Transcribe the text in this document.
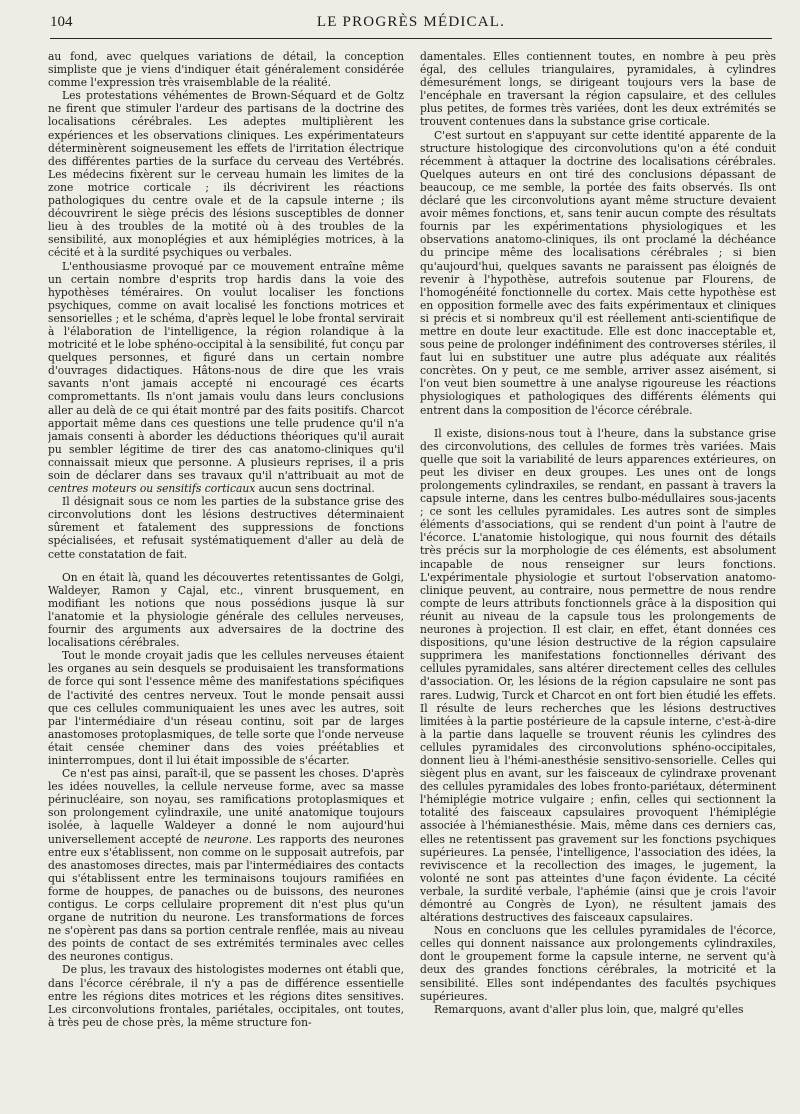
104	LE PROGRÈS MÉDICAL.

au fond, avec quelques variations de détail, la conception simpliste que je viens d'indiquer était généralement considérée comme l'expression très vraisemblable de la réalité.

Les protestations véhémentes de Brown-Séquard et de Goltz ne firent que stimuler l'ardeur des partisans de la doctrine des localisations cérébrales. Les adeptes multiplièrent les expériences et les observations cliniques. Les expérimentateurs déterminèrent soigneusement les effets de l'irritation électrique des différentes parties de la surface du cerveau des Vertébrés. Les médecins fixèrent sur le cerveau humain les limites de la zone motrice corticale ; ils décrivirent les réactions pathologiques du centre ovale et de la capsule interne ; ils découvrirent le siège précis des lésions susceptibles de donner lieu à des troubles de la motité où à des troubles de la sensibilité, aux monoplégies et aux hémiplégies motrices, à la cécité et à la surdité psychiques ou verbales.

L'enthousiasme provoqué par ce mouvement entraîne même un certain nombre d'esprits trop hardis dans la voie des hypothèses téméraires. On voulut localiser les fonctions psychiques, comme on avait localisé les fonctions motrices et sensorielles ; et le schéma, d'après lequel le lobe frontal servirait à l'élaboration de l'intelligence, la région rolandique à la motricité et le lobe sphéno-occipital à la sensibilité, fut conçu par quelques personnes, et figuré dans un certain nombre d'ouvrages didactiques. Hâtons-nous de dire que les vrais savants n'ont jamais accepté ni encouragé ces écarts compromettants. Ils n'ont jamais voulu dans leurs conclusions aller au delà de ce qui était montré par des faits positifs. Charcot apportait même dans ces questions une telle prudence qu'il n'a jamais consenti à aborder les déductions théoriques qu'il aurait pu sembler légitime de tirer des cas anatomo-cliniques qu'il connaissait mieux que personne. A plusieurs reprises, il a pris soin de déclarer dans ses travaux qu'il n'attribuait au mot de centres moteurs ou sensitifs corticaux aucun sens doctrinal.

Il désignait sous ce nom les parties de la substance grise des circonvolutions dont les lésions destructives déterminaient sûrement et fatalement des suppressions de fonctions spécialisées, et refusait systématiquement d'aller au delà de cette constatation de fait.

On en était là, quand les découvertes retentissantes de Golgi, Waldeyer, Ramon y Cajal, etc., vinrent brusquement, en modifiant les notions que nous possédions jusque là sur l'anatomie et la physiologie générale des cellules nerveuses, fournir des arguments aux adversaires de la doctrine des localisations cérébrales.

Tout le monde croyait jadis que les cellules nerveuses étaient les organes au sein desquels se produisaient les transformations de force qui sont l'essence même des manifestations spécifiques de l'activité des centres nerveux. Tout le monde pensait aussi que ces cellules communiquaient les unes avec les autres, soit par l'intermédiaire d'un réseau continu, soit par de larges anastomoses protoplasmiques, de telle sorte que l'onde nerveuse était censée cheminer dans des voies préétablies et ininterrompues, dont il lui était impossible de s'écarter.

Ce n'est pas ainsi, paraît-il, que se passent les choses. D'après les idées nouvelles, la cellule nerveuse forme, avec sa masse périnucléaire, son noyau, ses ramifications protoplasmiques et son prolongement cylindraxile, une unité anatomique toujours isolée, à laquelle Waldeyer a donné le nom aujourd'hui universellement accepté de neurone. Les rapports des neurones entre eux s'établissent, non comme on le supposait autrefois, par des anastomoses directes, mais par l'intermédiaires des contacts qui s'établissent entre les terminaisons toujours ramifiées en forme de houppes, de panaches ou de buissons, des neurones contigus. Le corps cellulaire proprement dit n'est plus qu'un organe de nutrition du neurone. Les transformations de forces ne s'opèrent pas dans sa portion centrale renflée, mais au niveau des points de contact de ses extrémités terminales avec celles des neurones contigus.

De plus, les travaux des histologistes modernes ont établi que, dans l'écorce cérébrale, il n'y a pas de différence essentielle entre les régions dites motrices et les régions dites sensitives. Les circonvolutions frontales, pariétales, occipitales, ont toutes, à très peu de chose près, la même structure fon-

damentales. Elles contiennent toutes, en nombre à peu près égal, des cellules triangulaires, pyramidales, à cylindres démesurément longs, se dirigeant toujours vers la base de l'encéphale en traversant la région capsulaire, et des cellules plus petites, de formes très variées, dont les deux extrémités se trouvent contenues dans la substance grise corticale.

C'est surtout en s'appuyant sur cette identité apparente de la structure histologique des circonvolutions qu'on a été conduit récemment à attaquer la doctrine des localisations cérébrales. Quelques auteurs en ont tiré des conclusions dépassant de beaucoup, ce me semble, la portée des faits observés. Ils ont déclaré que les circonvolutions ayant même structure devaient avoir mêmes fonctions, et, sans tenir aucun compte des résultats fournis par les expérimentations physiologiques et les observations anatomo-cliniques, ils ont proclamé la déchéance du principe même des localisations cérébrales ; si bien qu'aujourd'hui, quelques savants ne paraissent pas éloignés de revenir à l'hypothèse, autrefois soutenue par Flourens, de l'homogénéité fonctionnelle du cortex. Mais cette hypothèse est en opposition formelle avec des faits expérimentaux et cliniques si précis et si nombreux qu'il est réellement anti-scientifique de mettre en doute leur exactitude. Elle est donc inacceptable et, sous peine de prolonger indéfiniment des controverses stériles, il faut lui en substituer une autre plus adéquate aux réalités concrètes. On y peut, ce me semble, arriver assez aisément, si l'on veut bien soumettre à une analyse rigoureuse les réactions physiologiques et pathologiques des différents éléments qui entrent dans la composition de l'écorce cérébrale.

Il existe, disions-nous tout à l'heure, dans la substance grise des circonvolutions, des cellules de formes très variées. Mais quelle que soit la variabilité de leurs apparences extérieures, on peut les diviser en deux groupes. Les unes ont de longs prolongements cylindraxiles, se rendant, en passant à travers la capsule interne, dans les centres bulbo-médullaires sous-jacents ; ce sont les cellules pyramidales. Les autres sont de simples éléments d'associations, qui se rendent d'un point à l'autre de l'écorce. L'anatomie histologique, qui nous fournit des détails très précis sur la morphologie de ces éléments, est absolument incapable de nous renseigner sur leurs fonctions. L'expérimentale physiologie et surtout l'observation anatomo-clinique peuvent, au contraire, nous permettre de nous rendre compte de leurs attributs fonctionnels grâce à la disposition qui réunit au niveau de la capsule tous les prolongements de neurones à projection. Il est clair, en effet, étant données ces dispositions, qu'une lésion destructive de la région capsulaire supprimera les manifestations fonctionnelles dérivant des cellules pyramidales, sans altérer directement celles des cellules d'association. Or, les lésions de la région capsulaire ne sont pas rares. Ludwig, Turck et Charcot en ont fort bien étudié les effets. Il résulte de leurs recherches que les lésions destructives limitées à la partie postérieure de la capsule interne, c'est-à-dire à la partie dans laquelle se trouvent réunis les cylindres des cellules pyramidales des circonvolutions sphéno-occipitales, donnent lieu à l'hémi-anesthésie sensitivo-sensorielle. Celles qui siègent plus en avant, sur les faisceaux de cylindraxe provenant des cellules pyramidales des lobes fronto-pariétaux, déterminent l'hémiplégie motrice vulgaire ; enfin, celles qui sectionnent la totalité des faisceaux capsulaires provoquent l'hémiplégie associée à l'hémianesthésie. Mais, même dans ces derniers cas, elles ne retentissent pas gravement sur les fonctions psychiques supérieures. La pensée, l'intelligence, l'association des idées, la reviviscence et la recollection des images, le jugement, la volonté ne sont pas atteintes d'une façon évidente. La cécité verbale, la surdité verbale, l'aphémie (ainsi que je crois l'avoir démontré au Congrès de Lyon), ne résultent jamais des altérations destructives des faisceaux capsulaires.

Nous en concluons que les cellules pyramidales de l'écorce, celles qui donnent naissance aux prolongements cylindraxiles, dont le groupement forme la capsule interne, ne servent qu'à deux des grandes fonctions cérébrales, la motricité et la sensibilité. Elles sont indépendantes des facultés psychiques supérieures.

Remarquons, avant d'aller plus loin, que, malgré qu'elles
